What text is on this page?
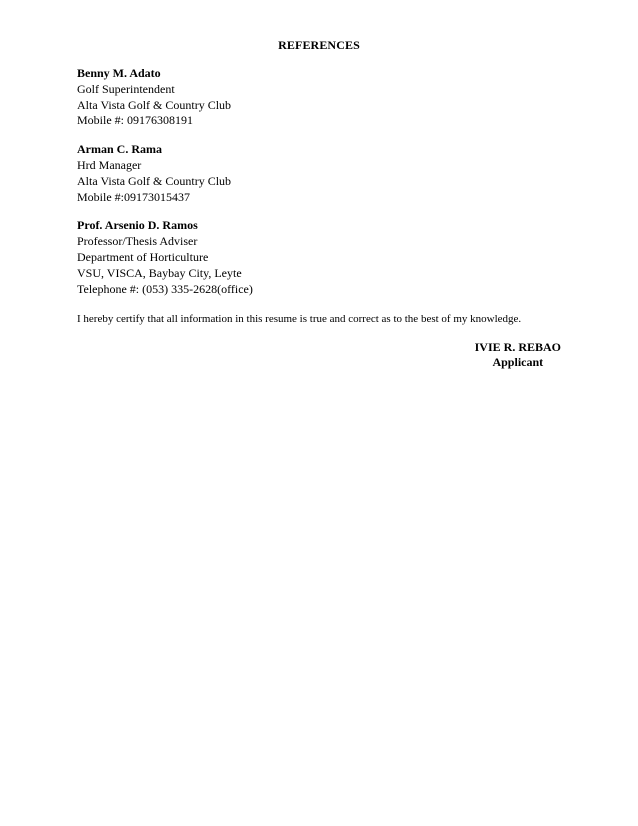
REFERENCES
Benny M. Adato
Golf Superintendent
Alta Vista Golf & Country Club
Mobile #: 09176308191
Arman C. Rama
Hrd Manager
Alta Vista Golf & Country Club
Mobile #:09173015437
Prof. Arsenio D. Ramos
Professor/Thesis Adviser
Department of Horticulture
VSU, VISCA, Baybay City, Leyte
Telephone #: (053) 335-2628(office)
I hereby certify that all information in this resume is true and correct as to the best of my knowledge.
IVIE R. REBAO
Applicant
